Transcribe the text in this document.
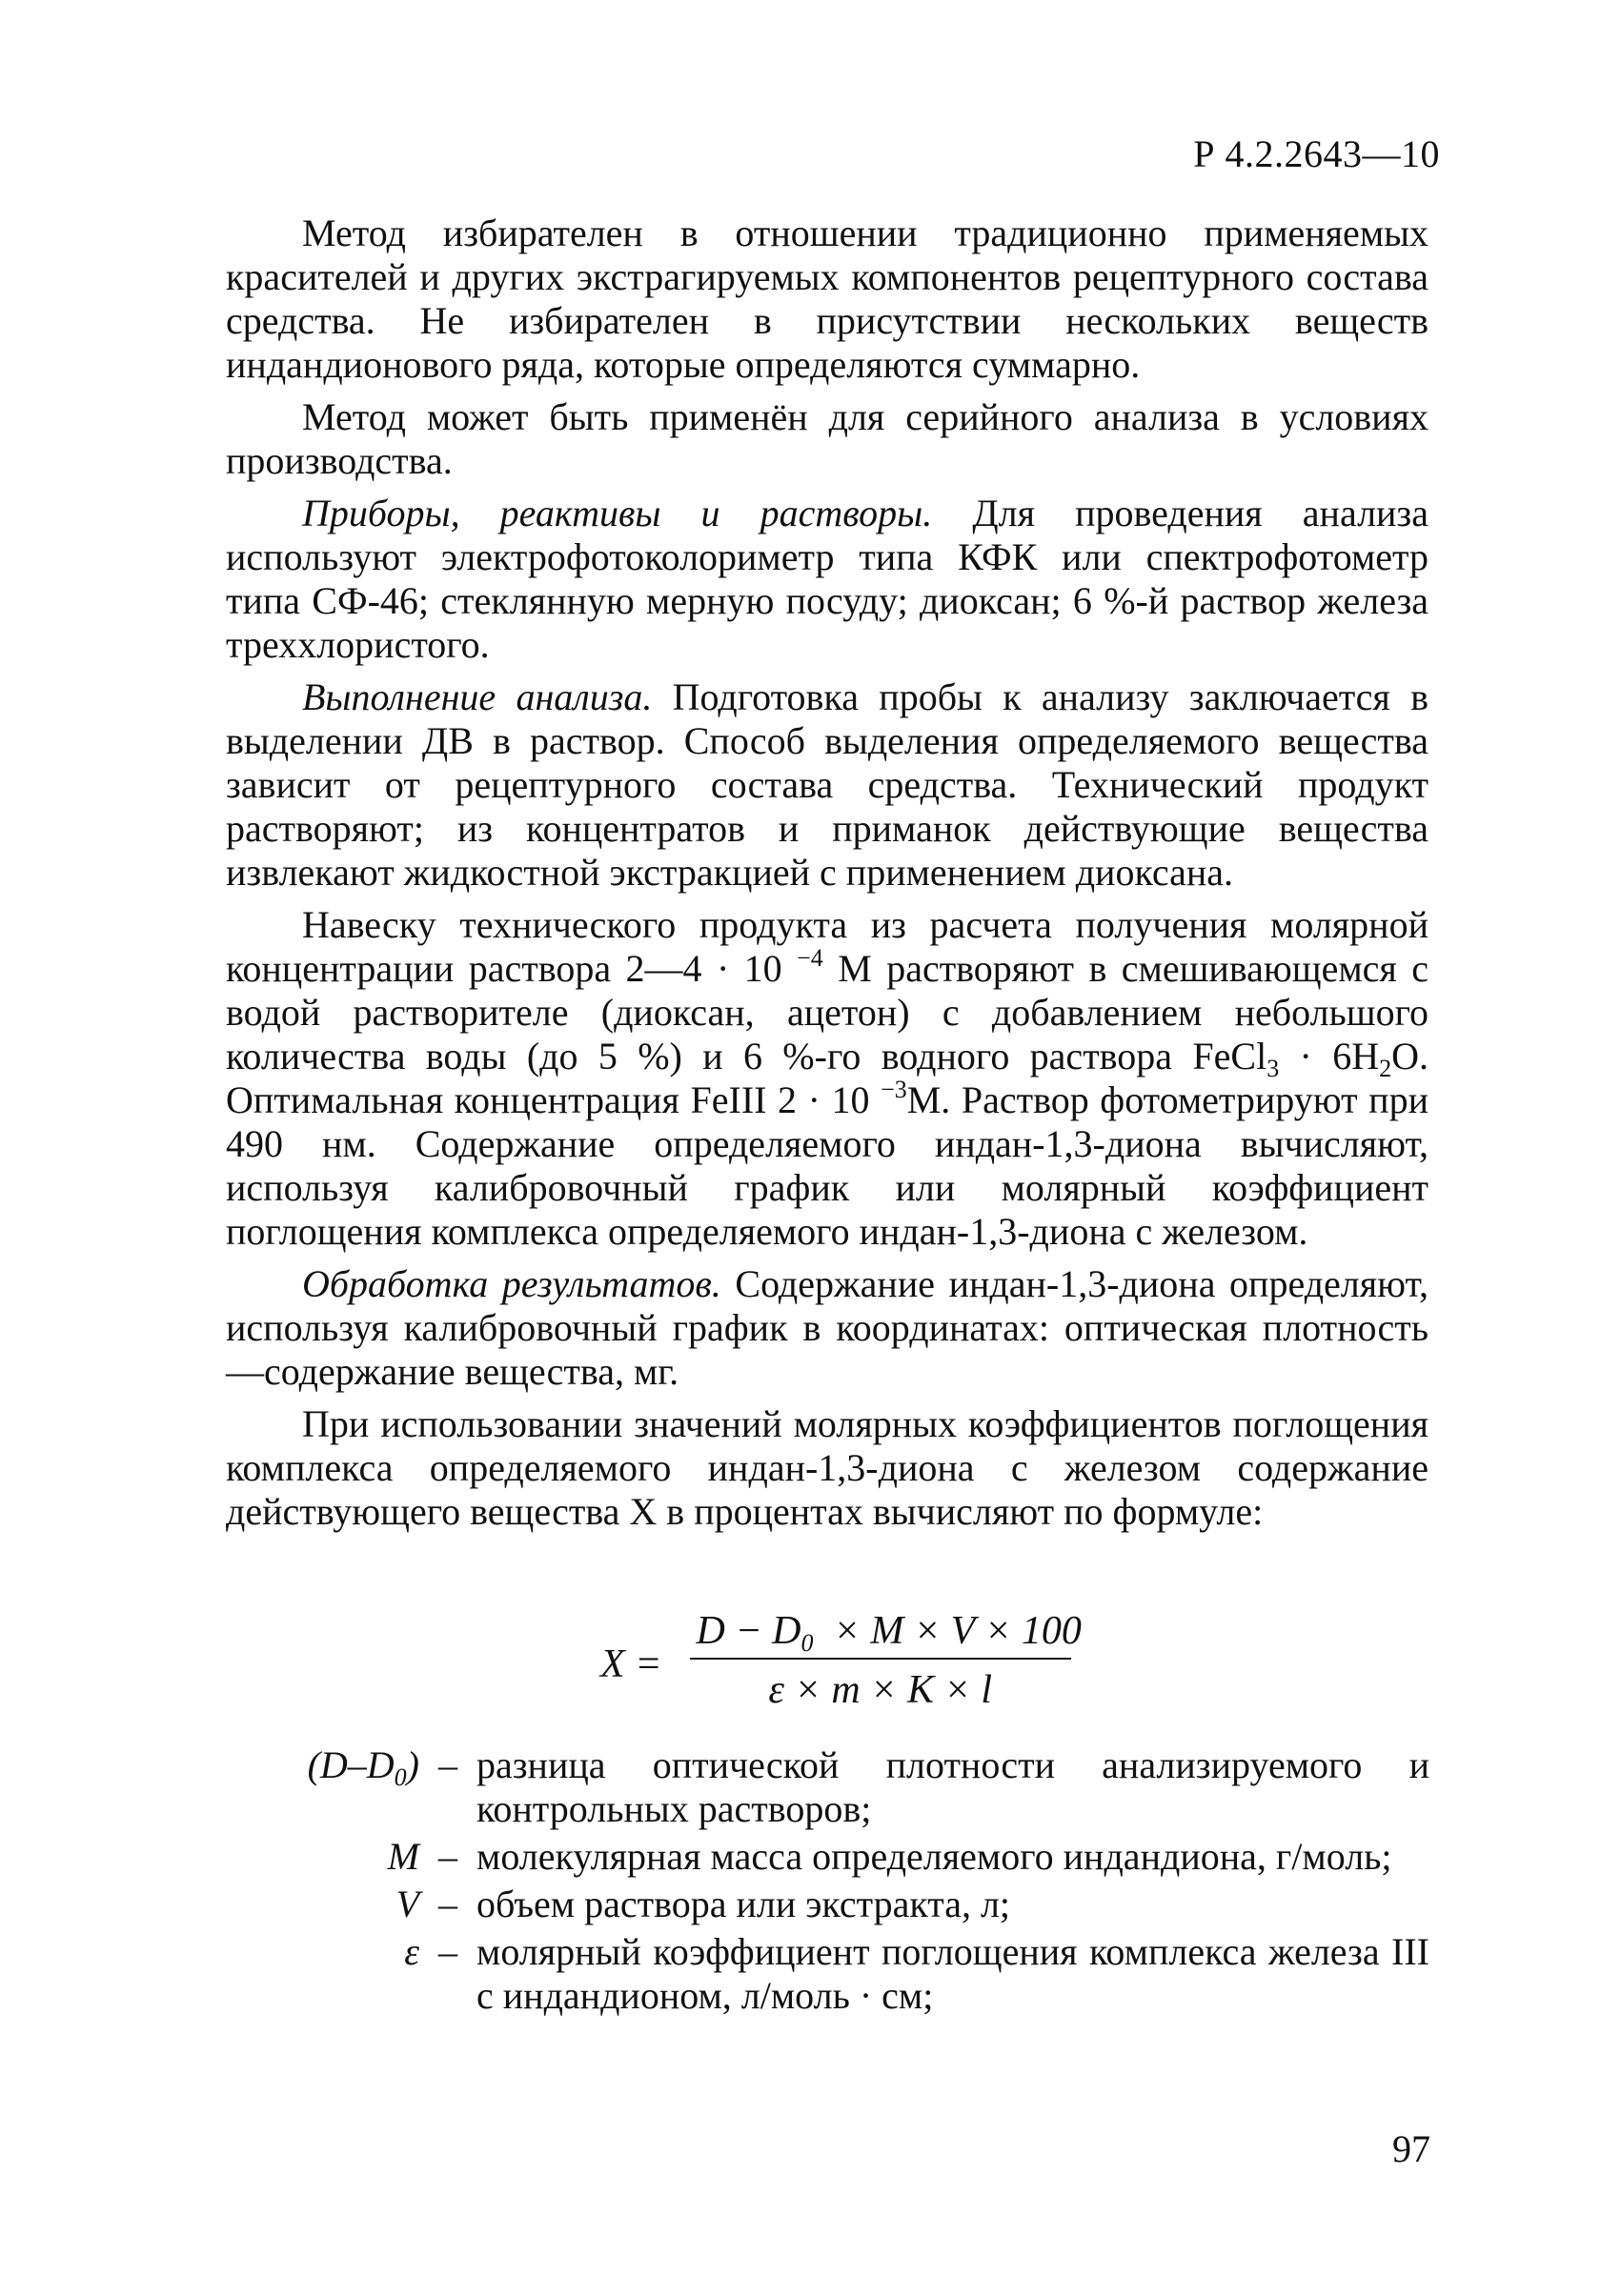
Р 4.2.2643—10

Метод избирателен в отношении традиционно применяемых красителей и других экстрагируемых компонентов рецептурного состава средства. Не избирателен в присутствии нескольких веществ индандионового ряда, которые определяются суммарно.

Метод может быть применён для серийного анализа в условиях производства.

Приборы, реактивы и растворы. Для проведения анализа используют электрофотоколориметр типа КФК или спектрофотометр типа СФ-46; стеклянную мерную посуду; диоксан; 6 %-й раствор железа треххлористого.

Выполнение анализа. Подготовка пробы к анализу заключается в выделении ДВ в раствор. Способ выделения определяемого вещества зависит от рецептурного состава средства. Технический продукт растворяют; из концентратов и приманок действующие вещества извлекают жидкостной экстракцией с применением диоксана.

Навеску технического продукта из расчета получения молярной концентрации раствора 2—4 · 10 $^{-4}$ М растворяют в смешивающемся с водой растворителе (диоксан, ацетон) с добавлением небольшого количества воды (до 5 %) и 6 %-го водного раствора FeCl$_3$ · $6H_2O$. Оптимальная концентрация FeIII 2 · 10 $^{-3}$М. Раствор фотометрируют при 490 нм. Содержание определяемого индан-1,3-диона вычисляют, используя калибровочный график или молярный коэффициент поглощения комплекса определяемого индан-1,3-диона с железом.

Обработка результатов. Содержание индан-1,3-диона определяют, используя калибровочный график в координатах: оптическая плотность—содержание вещества, мг.

При использовании значений молярных коэффициентов поглощения комплекса определяемого индан-1,3-диона с железом содержание действующего вещества X в процентах вычисляют по формуле:

$X = \frac{D - D_0 \times M \times V \times 100}{\varepsilon \times m \times K \times l}$
$(D-D_0)$ – разница оптической плотности анализируемого и контрольных растворов;
M – молекулярная масса определяемого индандиона, г/моль;
V – объем раствора или экстракта, л;
ε – молярный коэффициент поглощения комплекса железа III с индандионом, л/моль · см;
97
